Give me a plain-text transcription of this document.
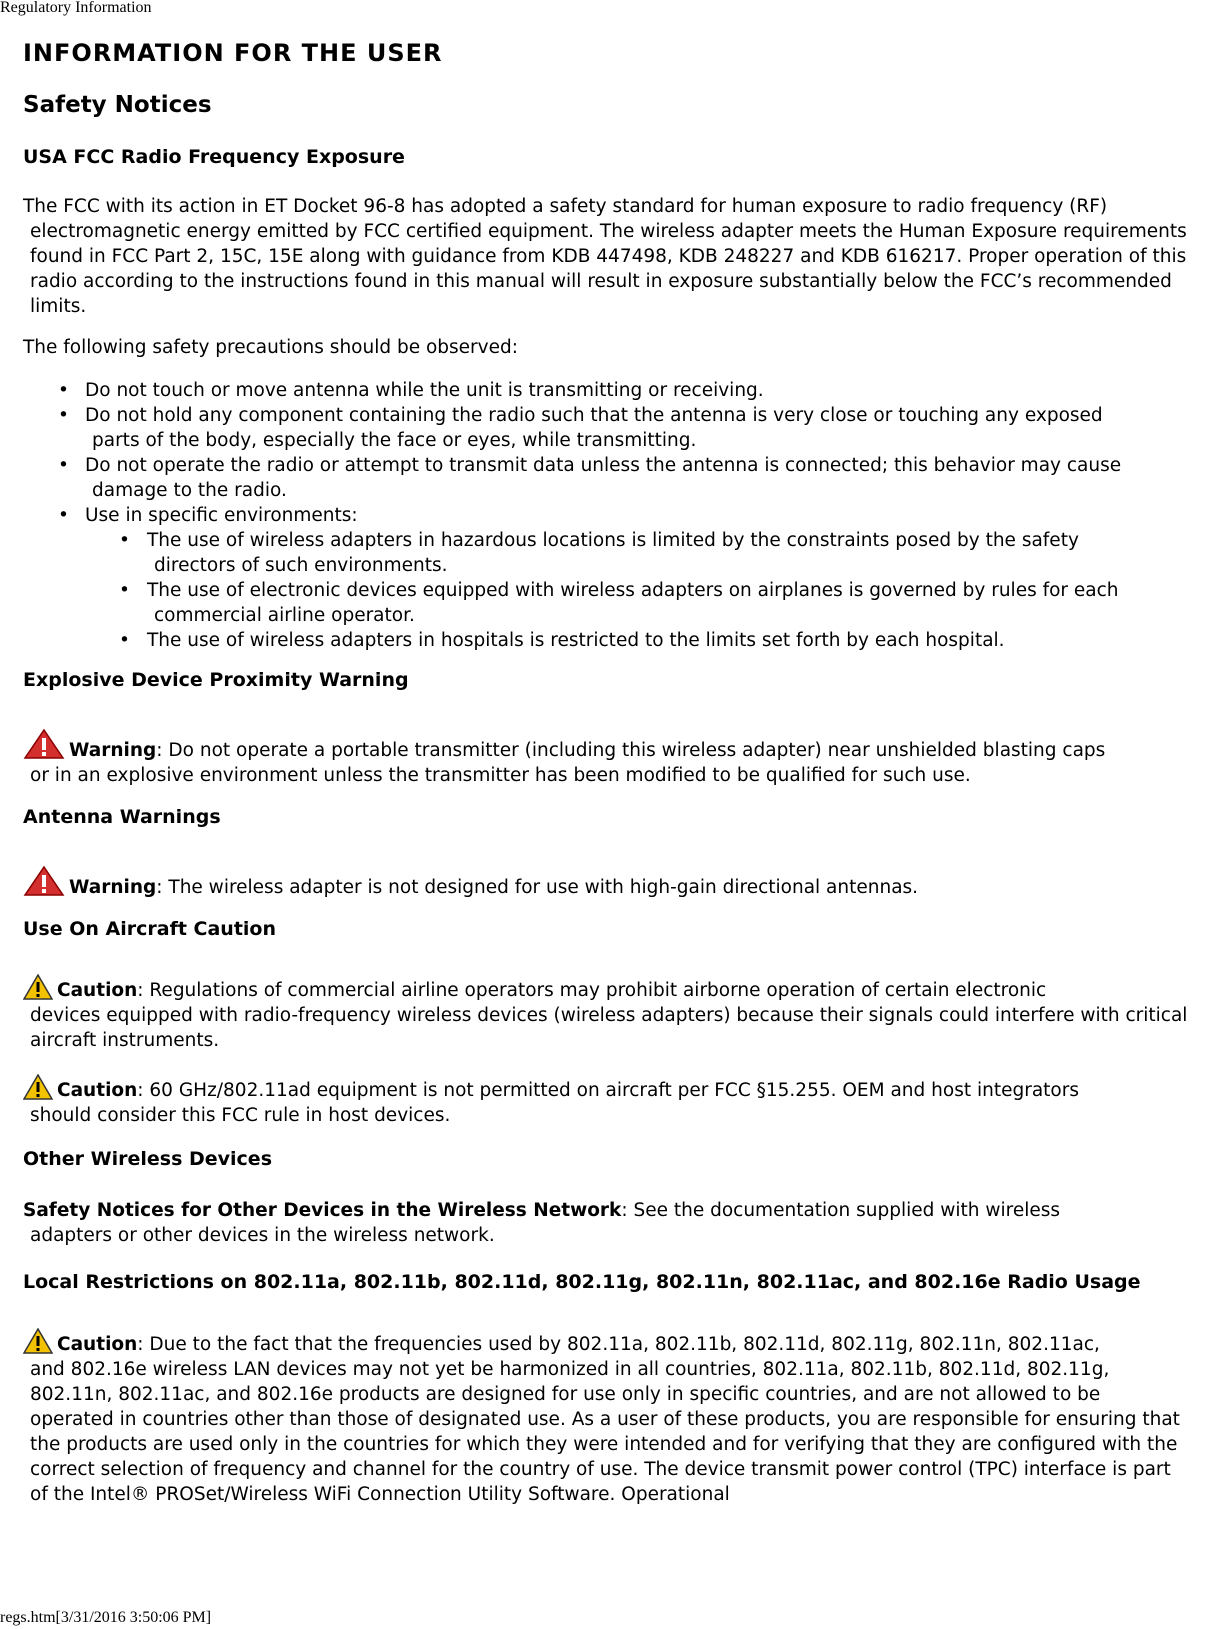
Regulatory Information
INFORMATION FOR THE USER
Safety Notices
USA FCC Radio Frequency Exposure
The FCC with its action in ET Docket 96-8 has adopted a safety standard for human exposure to radio frequency (RF)
electromagnetic energy emitted by FCC certified equipment. The wireless adapter meets the Human Exposure requirements found in FCC Part 2, 15C, 15E along with guidance from KDB 447498, KDB 248227 and KDB 616217. Proper operation of this radio according to the instructions found in this manual will result in exposure substantially below the FCC’s recommended limits.
The following safety precautions should be observed:
• Do not touch or move antenna while the unit is transmitting or receiving.
• Do not hold any component containing the radio such that the antenna is very close or touching any exposed
parts of the body, especially the face or eyes, while transmitting.
• Do not operate the radio or attempt to transmit data unless the antenna is connected; this behavior may cause
damage to the radio.
• Use in specific environments:
• The use of wireless adapters in hazardous locations is limited by the constraints posed by the safety
directors of such environments.
• The use of electronic devices equipped with wireless adapters on airplanes is governed by rules for each
commercial airline operator.
• The use of wireless adapters in hospitals is restricted to the limits set forth by each hospital.
Explosive Device Proximity Warning
Warning: Do not operate a portable transmitter (including this wireless adapter) near unshielded blasting caps
or in an explosive environment unless the transmitter has been modified to be qualified for such use.
Antenna Warnings
Warning: The wireless adapter is not designed for use with high-gain directional antennas.
Use On Aircraft Caution
Caution: Regulations of commercial airline operators may prohibit airborne operation of certain electronic
devices equipped with radio-frequency wireless devices (wireless adapters) because their signals could interfere with critical aircraft instruments.
Caution: 60 GHz/802.11ad equipment is not permitted on aircraft per FCC §15.255. OEM and host integrators
should consider this FCC rule in host devices.
Other Wireless Devices
Safety Notices for Other Devices in the Wireless Network: See the documentation supplied with wireless
adapters or other devices in the wireless network.
Local Restrictions on 802.11a, 802.11b, 802.11d, 802.11g, 802.11n, 802.11ac, and 802.16e Radio Usage
Caution: Due to the fact that the frequencies used by 802.11a, 802.11b, 802.11d, 802.11g, 802.11n, 802.11ac,
and 802.16e wireless LAN devices may not yet be harmonized in all countries, 802.11a, 802.11b, 802.11d, 802.11g, 802.11n, 802.11ac, and 802.16e products are designed for use only in specific countries, and are not allowed to be operated in countries other than those of designated use. As a user of these products, you are responsible for ensuring that the products are used only in the countries for which they were intended and for verifying that they are configured with the correct selection of frequency and channel for the country of use. The device transmit power control (TPC) interface is part of the Intel® PROSet/Wireless WiFi Connection Utility Software. Operational
regs.htm[3/31/2016 3:50:06 PM]
